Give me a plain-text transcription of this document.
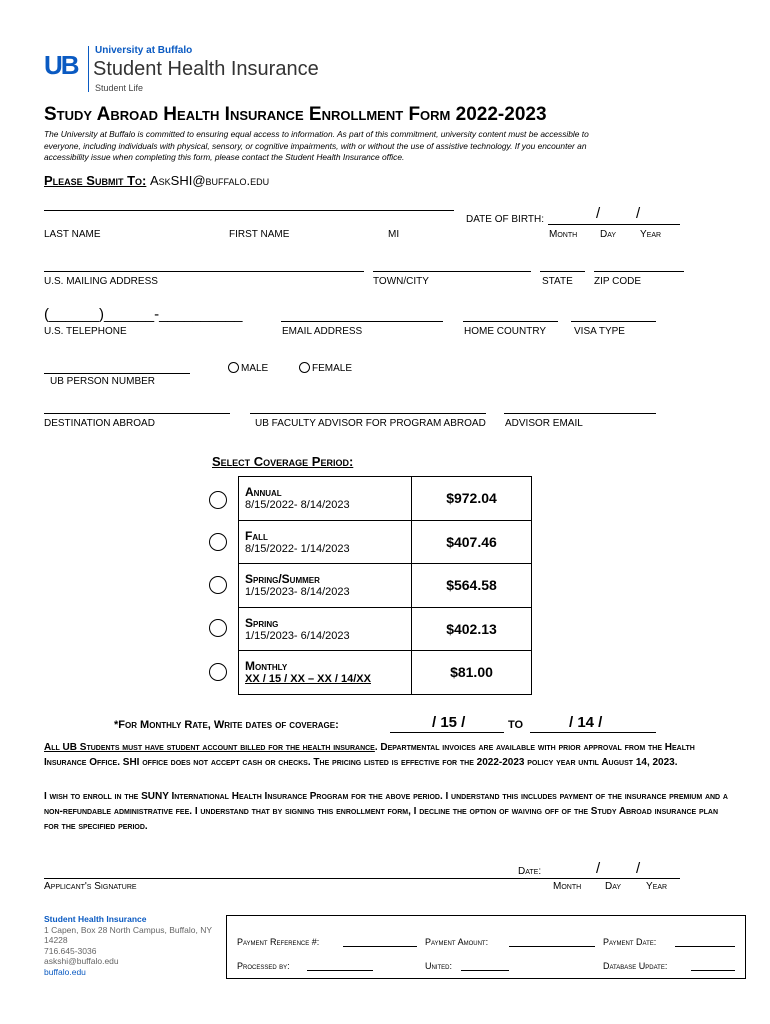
UB	University at Buffalo
Student Health Insurance
Student Life
Study Abroad Health Insurance Enrollment Form 2022-2023
The University at Buffalo is committed to ensuring equal access to information. As part of this commitment, university content must be accessible to everyone, including individuals with physical, sensory, or cognitive impairments, with or without the use of assistive technology. If you encounter an accessibility issue when completing this form, please contact the Student Health Insurance office.
Please Submit To: AskSHI@buffalo.edu
DATE OF BIRTH:	/ /
LAST NAME	FIRST NAME	MI	Month Day Year
U.S. MAILING ADDRESS	TOWN/CITY	STATE ZIP CODE
(______)______-__________
U.S. TELEPHONE	EMAIL ADDRESS	HOME COUNTRY	VISA TYPE
UB PERSON NUMBER
MALE	FEMALE
DESTINATION ABROAD	UB FACULTY ADVISOR FOR PROGRAM ABROAD ADVISOR EMAIL
Select Coverage Period:
Annual
8/15/2022- 8/14/2023	$972.04

Fall
8/15/2022- 1/14/2023	$407.46

Spring/Summer
1/15/2023- 8/14/2023	$564.58

Spring
1/15/2023- 6/14/2023	$402.13

Monthly
XX / 15 / XX – XX / 14/XX	$81.00
*For Monthly Rate, Write dates of coverage:	/ 15 /	TO	/ 14 /
All UB Students must have student account billed for the health insurance. Departmental invoices are available with prior approval from the Health Insurance Office. SHI office does not accept cash or checks. The pricing listed is effective for the 2022-2023 policy year until August 14, 2023.
I wish to enroll in the SUNY International Health Insurance Program for the above period. I understand this includes payment of the insurance premium and a non-refundable administrative fee. I understand that by signing this enrollment form, I decline the option of waiving off of the Study Abroad insurance plan for the specified period.
Date:	/ /
Applicant's Signature	Month Day Year
Student Health Insurance
1 Capen, Box 28 North Campus, Buffalo, NY 14228
716.645-3036
askshi@buffalo.edu
buffalo.edu
Payment Reference #:	Payment Amount:	Payment Date:
Processed by:	United:	Database Update:
